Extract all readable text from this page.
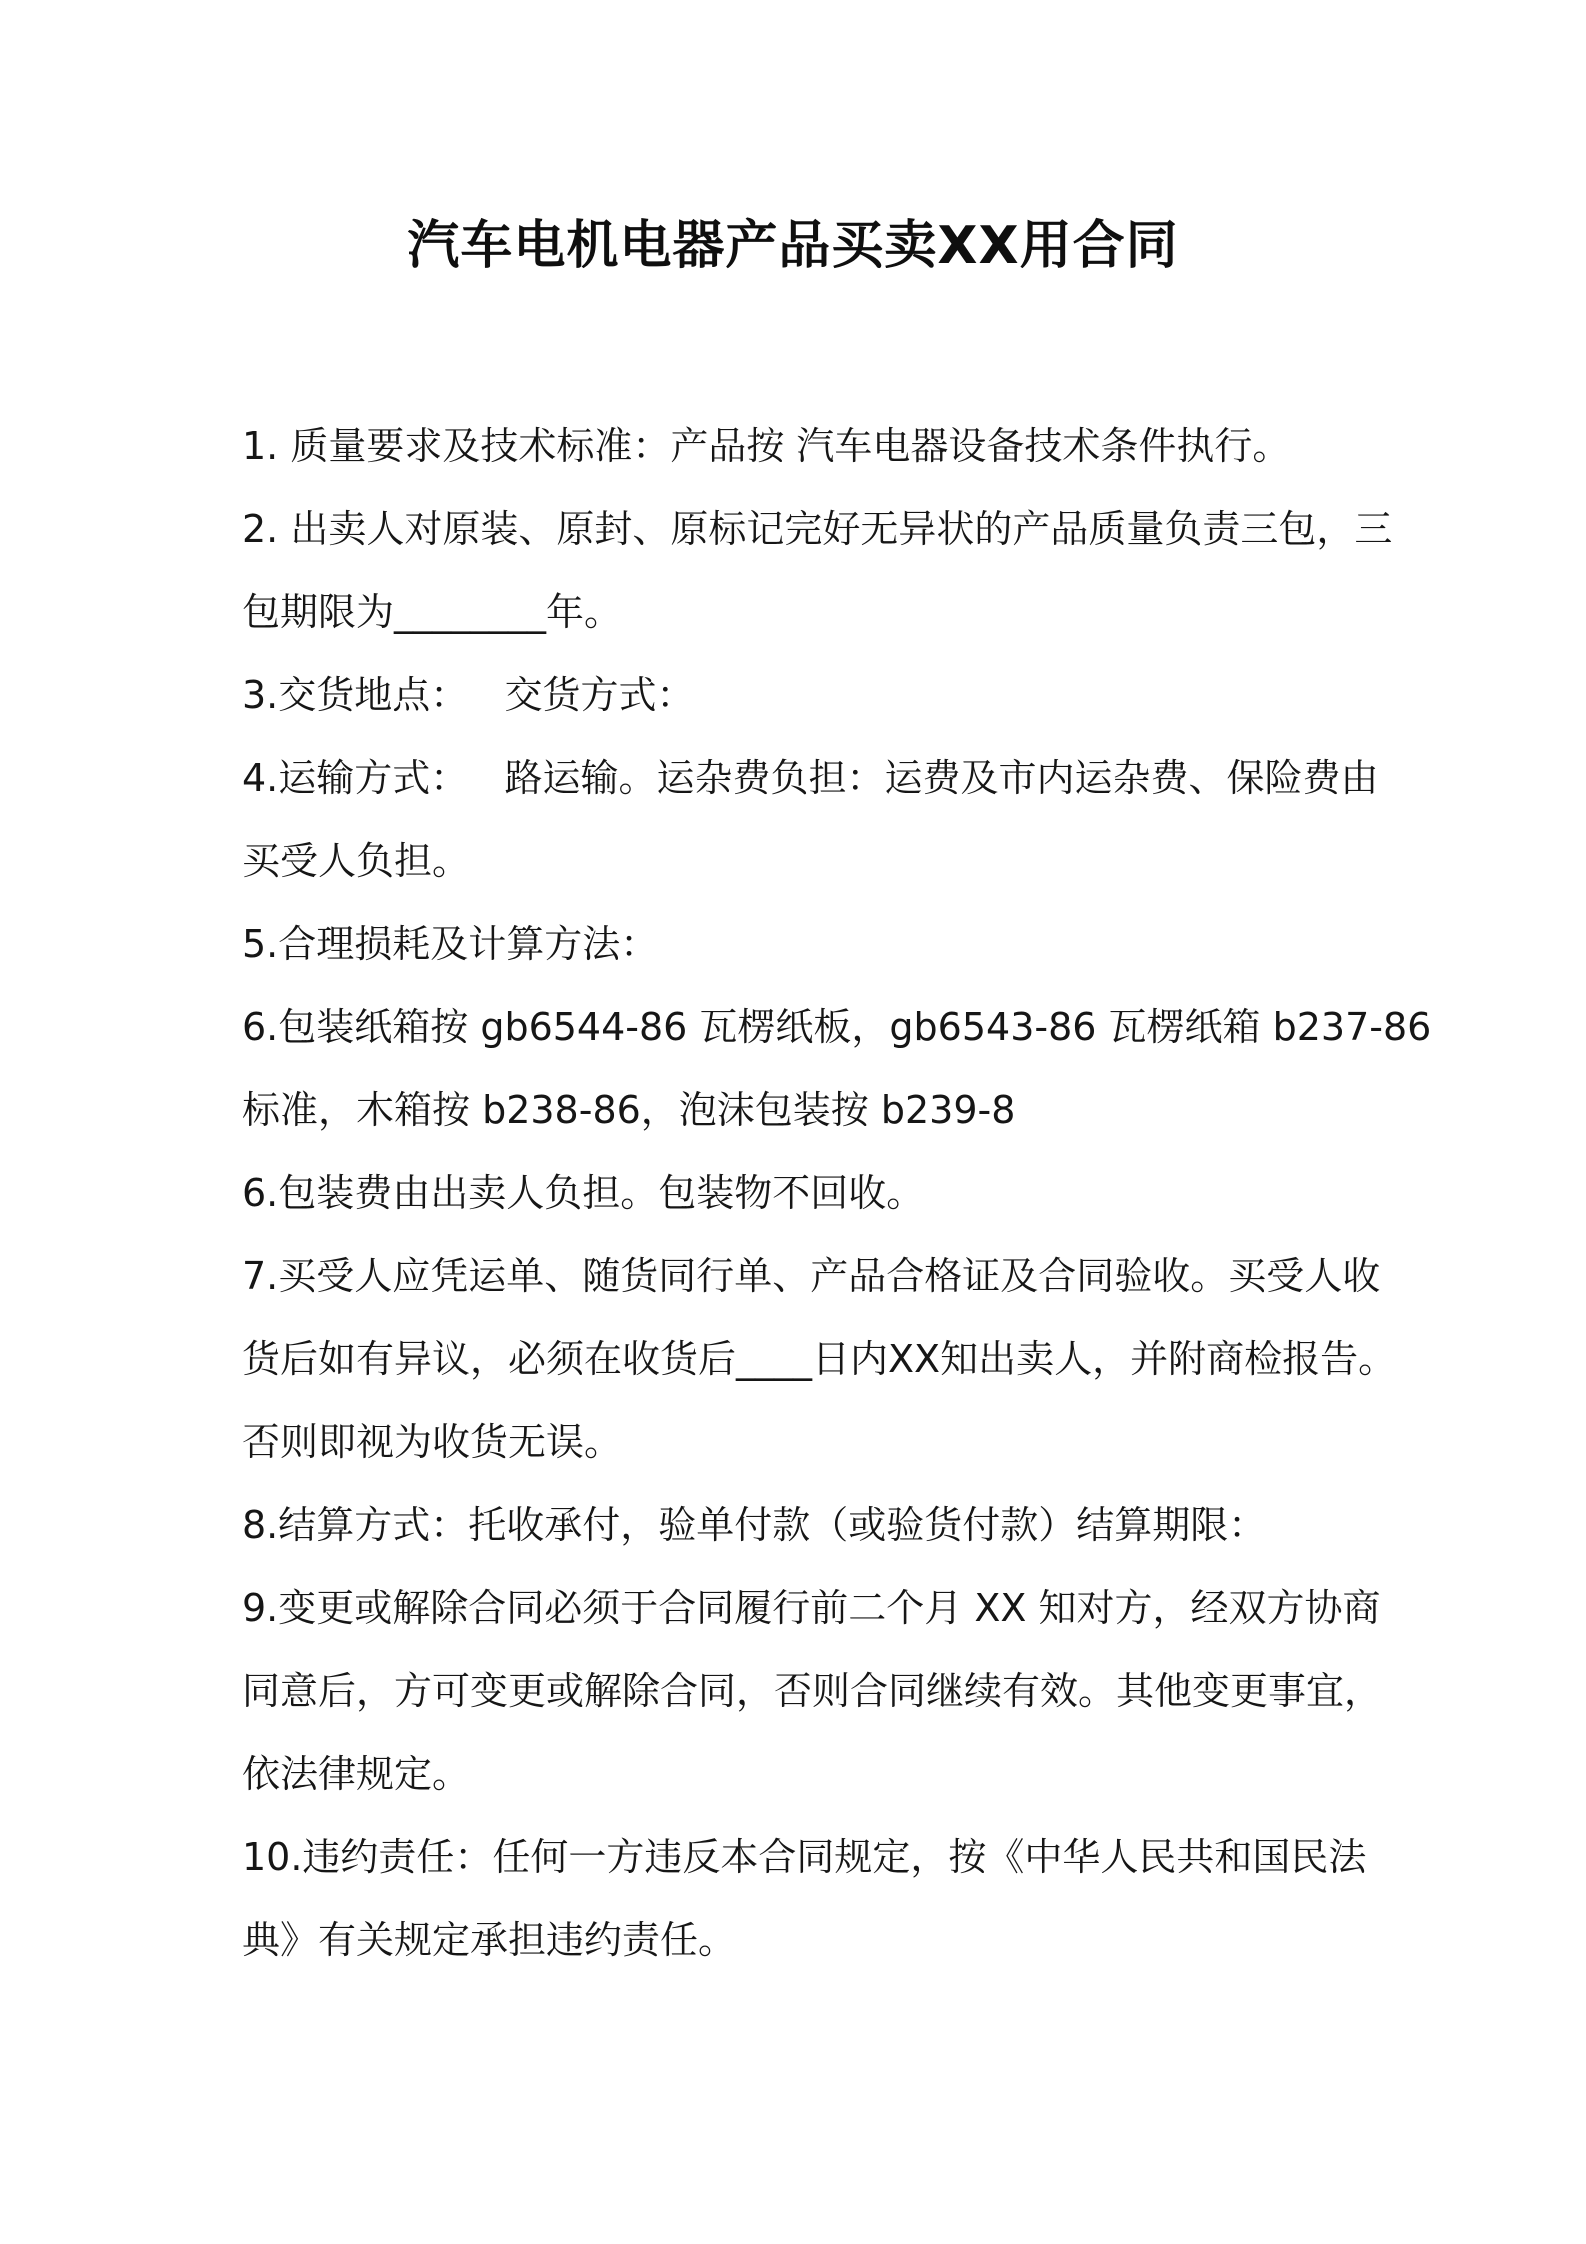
汽车电机电器产品买卖XX用合同
1. 质量要求及技术标准：产品按 汽车电器设备技术条件执行。
2. 出卖人对原装、原封、原标记完好无异状的产品质量负责三包，三
包期限为________年。
3.交货地点：   交货方式：
4.运输方式：   路运输。运杂费负担：运费及市内运杂费、保险费由
买受人负担。
5.合理损耗及计算方法：
6.包装纸箱按 gb6544-86 瓦楞纸板，gb6543-86 瓦楞纸箱 b237-86
标准，木箱按 b238-86，泡沫包装按 b239-8
6.包装费由出卖人负担。包装物不回收。
7.买受人应凭运单、随货同行单、产品合格证及合同验收。买受人收
货后如有异议，必须在收货后____日内XX知出卖人，并附商检报告。
否则即视为收货无误。
8.结算方式：托收承付，验单付款（或验货付款）结算期限：
9.变更或解除合同必须于合同履行前二个月 XX 知对方，经双方协商
同意后，方可变更或解除合同，否则合同继续有效。其他变更事宜，
依法律规定。
10.违约责任：任何一方违反本合同规定，按《中华人民共和国民法
典》有关规定承担违约责任。
